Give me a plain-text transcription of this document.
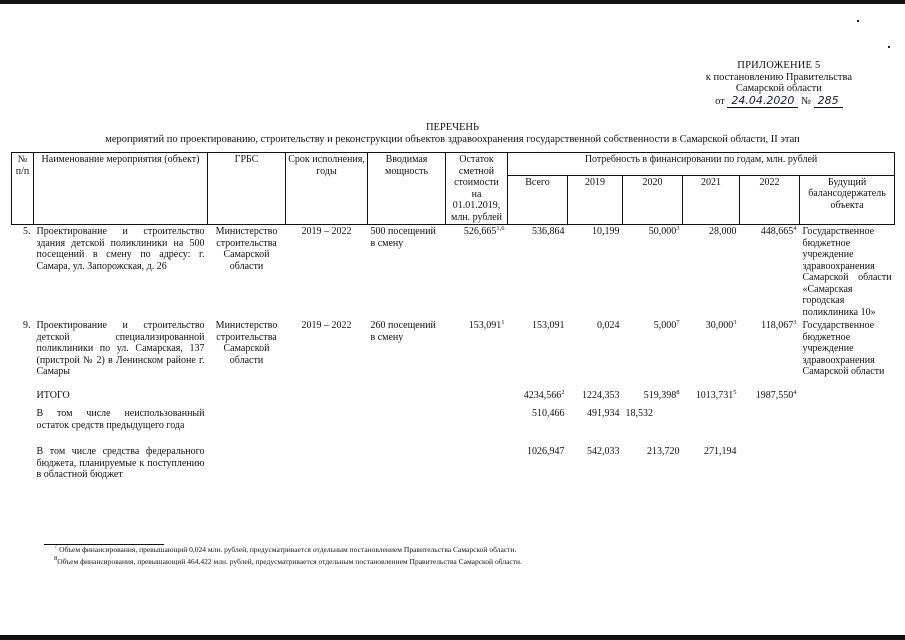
ПРИЛОЖЕНИЕ 5
к постановлению Правительства
Самарской области
от 24.04.2020 № 285
ПЕРЕЧЕНЬ
мероприятий по проектированию, строительству и реконструкции объектов здравоохранения государственной собственности в Самарской области, II этап
№ п/п	Наименование мероприятия (объект)	ГРБС	Срок исполнения, годы	Вводимая мощность	Остаток сметной стоимости на 01.01.2019, млн. рублей	Потребность в финансировании по годам, млн. рублей					
						Всего	2019	2020	2021	2022	Будущий балансодержатель объекта
5.	Проектирование и строительство здания детской поликлиники на 500 посещений в смену по адресу: г. Самара, ул. Запорожская, д. 26	Министерство строительства Самарской области	2019 – 2022	500 посещений в смену	526,665$^{1,6}$	536,864	10,199	50,000$^3$	28,000	448,665$^4$	Государственное бюджетное учреждение здравоохранения Самарской области «Самарская городская поликлиника 10»
9.	Проектирование и строительство детской специализированной поликлиники по ул. Самарская, 137 (пристрой № 2) в Ленинском районе г. Самары	Министерство строительства Самарской области	2019 – 2022	260 посещений в смену	153,091$^1$	153,091	0,024	5,000$^7$	30,000$^3$	118,067$^3$	Государственное бюджетное учреждение здравоохранения Самарской области
	ИТОГО					4234,566$^2$	1224,353	519,398$^8$	1013,731$^5$	1987,550$^4$	
	В том числе неиспользованный остаток средств предыдущего года					510,466	491,934	18,532			
	В том числе средства федерального бюджета, планируемые к поступлению в областной бюджет					1026,947	542,033	213,720	271,194		
$^7$ Объем финансирования, превышающий 0,024 млн. рублей, предусматривается отдельным постановлением Правительства Самарской области.
$^8$Объем финансирования, превышающий 464,422 млн. рублей, предусматривается отдельным постановлением Правительства Самарской области.
